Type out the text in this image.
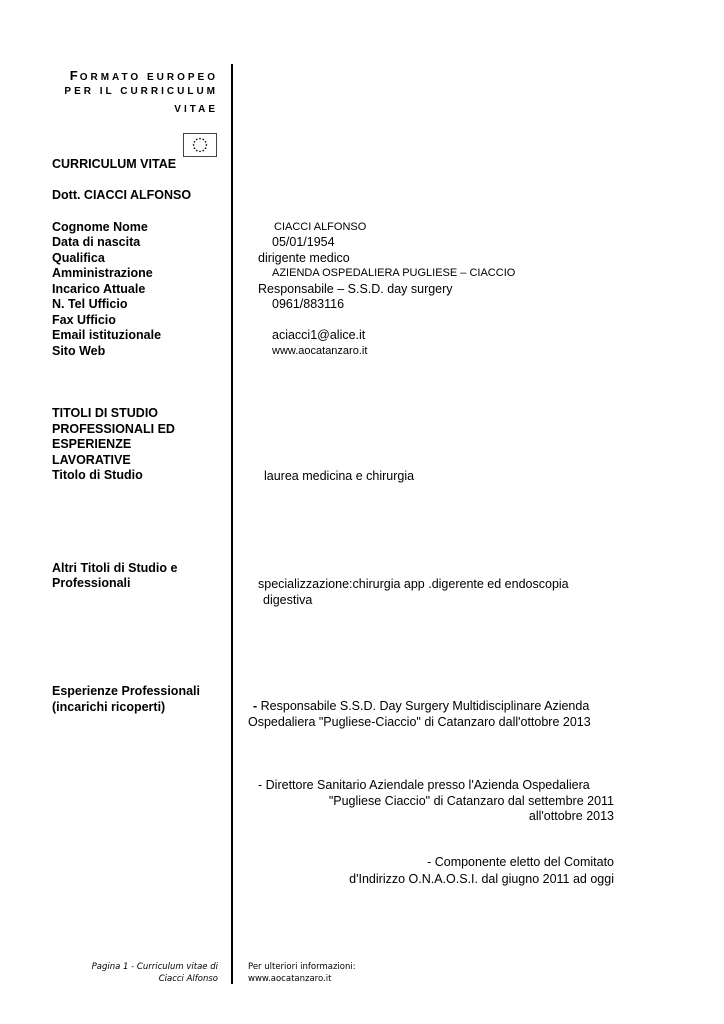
FORMATO EUROPEO
PER IL CURRICULUM
VITAE
CURRICULUM VITAE
Dott. CIACCI ALFONSO
Cognome Nome	CIACCI ALFONSO
Data di nascita	05/01/1954
Qualifica	dirigente medico
Amministrazione	AZIENDA OSPEDALIERA PUGLIESE – CIACCIO
Incarico Attuale	Responsabile – S.S.D. day surgery
N. Tel Ufficio	0961/883116
Fax Ufficio
Email istituzionale	aciacci1@alice.it
Sito Web	www.aocatanzaro.it
TITOLI DI STUDIO
PROFESSIONALI ED
ESPERIENZE
LAVORATIVE
Titolo di Studio	laurea medicina e chirurgia
Altri Titoli di Studio e
Professionali	specializzazione:chirurgia app .digerente ed endoscopia
digestiva
Esperienze Professionali
(incarichi ricoperti)	- Responsabile S.S.D. Day Surgery Multidisciplinare Azienda
Ospedaliera "Pugliese-Ciaccio" di Catanzaro dall'ottobre 2013
- Direttore Sanitario Aziendale presso l'Azienda Ospedaliera
"Pugliese Ciaccio" di Catanzaro dal settembre 2011
all'ottobre 2013
- Componente eletto del Comitato
d'Indirizzo O.N.A.O.S.I. dal giugno 2011 ad oggi
Pagina 1 - Curriculum vitae di
Ciacci Alfonso
Per ulteriori informazioni:
www.aocatanzaro.it
